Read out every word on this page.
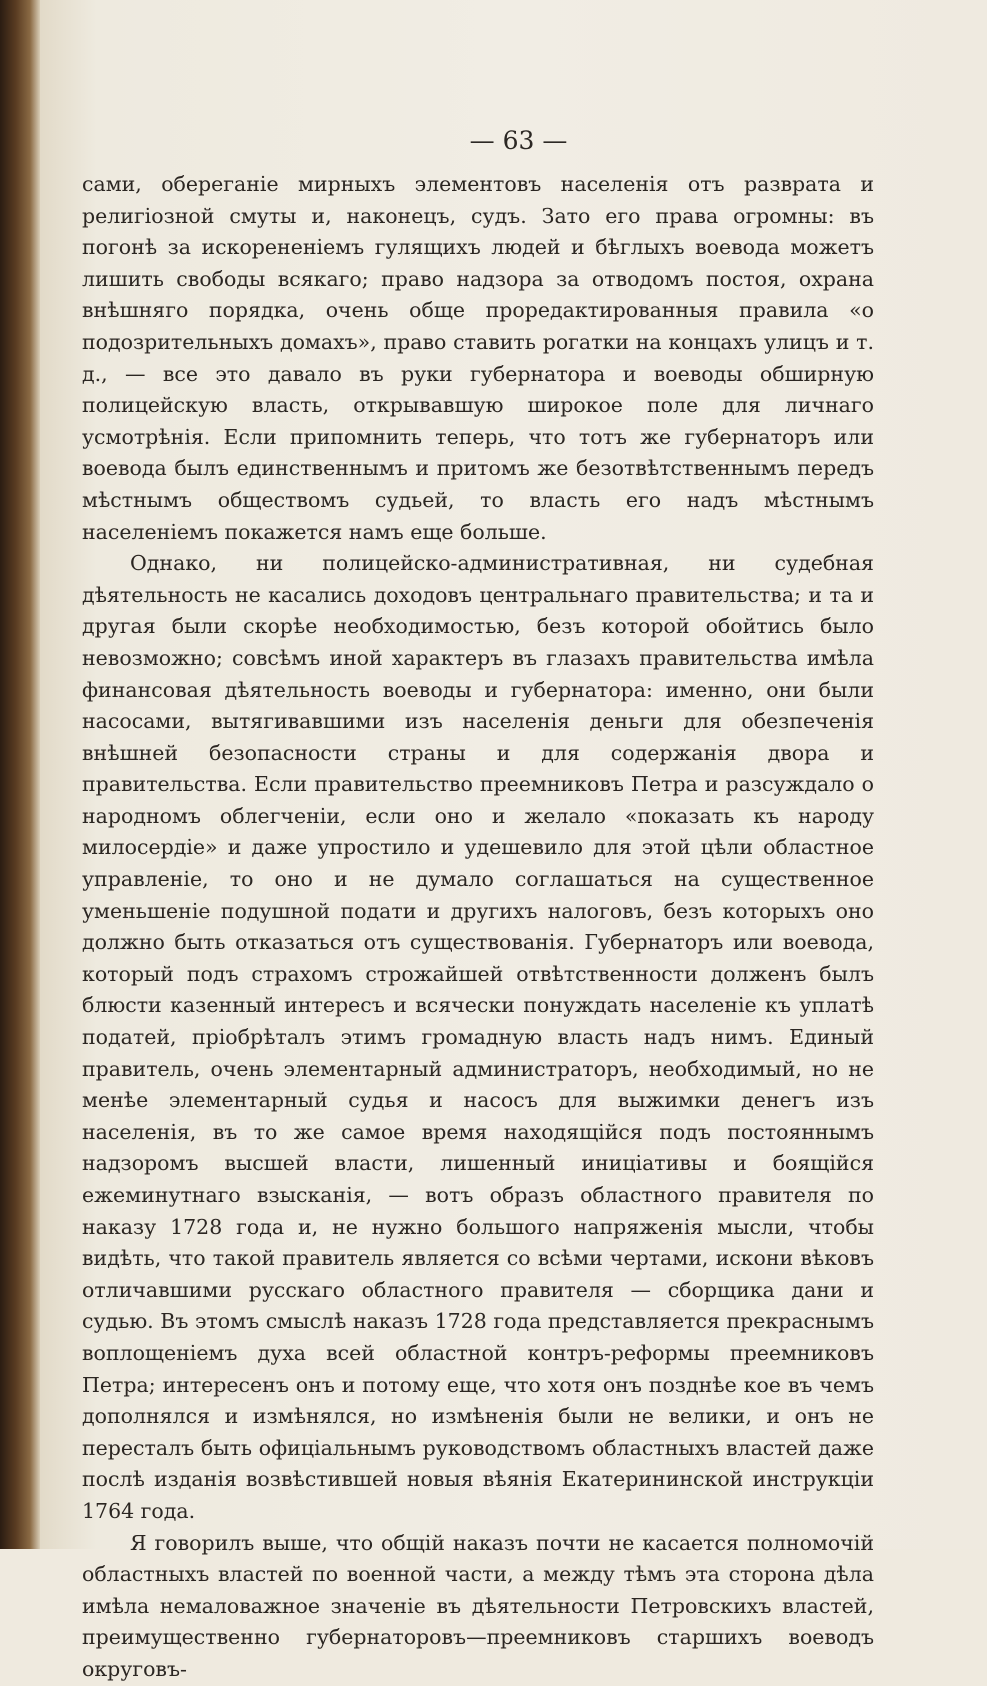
— 63 —

сами, обереганіе мирныхъ элементовъ населенія отъ разврата и религіозной смуты и, наконецъ, судъ. Зато его права огромны: въ погонѣ за искорененіемъ гулящихъ людей и бѣглыхъ воевода можетъ лишить свободы всякаго; право надзора за отводомъ постоя, охрана внѣшняго порядка, очень обще проредактированныя правила «о подозрительныхъ домахъ», право ставить рогатки на концахъ улицъ и т. д., — все это давало въ руки губернатора и воеводы обширную полицейскую власть, открывавшую широкое поле для личнаго усмотрѣнія. Если припомнить теперь, что тотъ же губернаторъ или воевода былъ единственнымъ и притомъ же безотвѣтственнымъ передъ мѣстнымъ обществомъ судьей, то власть его надъ мѣстнымъ населеніемъ покажется намъ еще больше.

Однако, ни полицейско-административная, ни судебная дѣятельность не касались доходовъ центральнаго правительства; и та и другая были скорѣе необходимостью, безъ которой обойтись было невозможно; совсѣмъ иной характеръ въ глазахъ правительства имѣла финансовая дѣятельность воеводы и губернатора: именно, они были насосами, вытягивавшими изъ населенія деньги для обезпеченія внѣшней безопасности страны и для содержанія двора и правительства. Если правительство преемниковъ Петра и разсуждало о народномъ облегченіи, если оно и желало «показать къ народу милосердіе» и даже упростило и удешевило для этой цѣли областное управленіе, то оно и не думало соглашаться на существенное уменьшеніе подушной подати и другихъ налоговъ, безъ которыхъ оно должно быть отказаться отъ существованія. Губернаторъ или воевода, который подъ страхомъ строжайшей отвѣтственности долженъ былъ блюсти казенный интересъ и всячески понуждать населеніе къ уплатѣ податей, пріобрѣталъ этимъ громадную власть надъ нимъ. Единый правитель, очень элементарный администраторъ, необходимый, но не менѣе элементарный судья и насосъ для выжимки денегъ изъ населенія, въ то же самое время находящійся подъ постояннымъ надзоромъ высшей власти, лишенный иниціативы и боящійся ежеминутнаго взысканія, — вотъ образъ областного правителя по наказу 1728 года и, не нужно большого напряженія мысли, чтобы видѣть, что такой правитель является со всѣми чертами, искони вѣковъ отличавшими русскаго областного правителя — сборщика дани и судью. Въ этомъ смыслѣ наказъ 1728 года представляется прекраснымъ воплощеніемъ духа всей областной контръ-реформы преемниковъ Петра; интересенъ онъ и потому еще, что хотя онъ позднѣе кое въ чемъ дополнялся и измѣнялся, но измѣненія были не велики, и онъ не пересталъ быть офиціальнымъ руководствомъ областныхъ властей даже послѣ изданія возвѣстившей новыя вѣянія Екатерининской инструкціи 1764 года.

Я говорилъ выше, что общій наказъ почти не касается полномочій областныхъ властей по военной части, а между тѣмъ эта сторона дѣла имѣла немаловажное значеніе въ дѣятельности Петровскихъ властей, преимущественно губернаторовъ—преемниковъ старшихъ воеводъ округовъ-
